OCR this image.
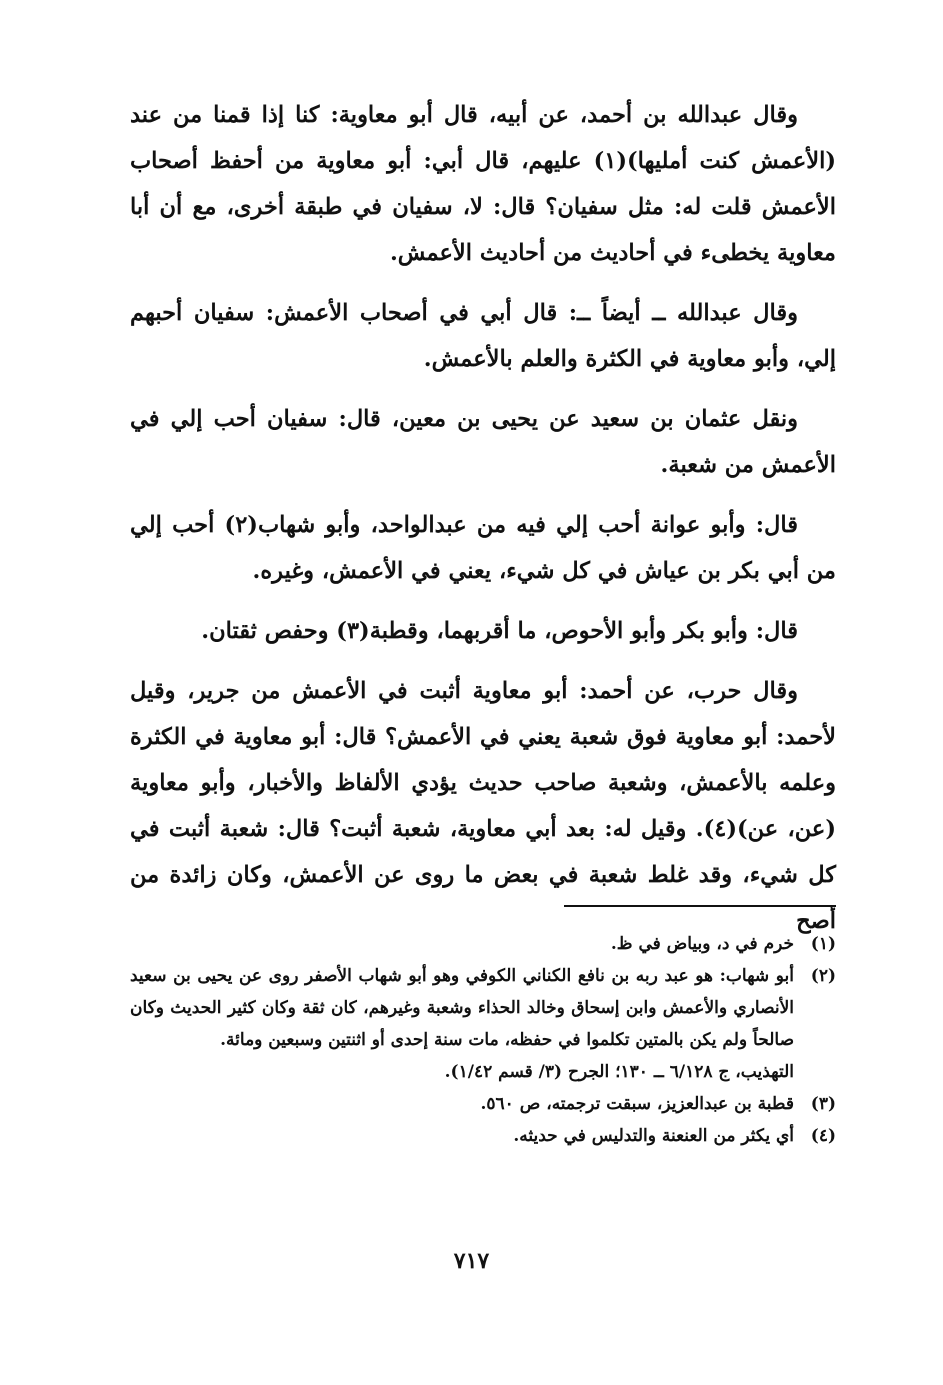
وقال عبدالله بن أحمد، عن أبيه، قال أبو معاوية: كنا إذا قمنا من عند (الأعمش كنت أمليها)(١) عليهم، قال أبي: أبو معاوية من أحفظ أصحاب الأعمش قلت له: مثل سفيان؟ قال: لا، سفيان في طبقة أخرى، مع أن أبا معاوية يخطىء في أحاديث من أحاديث الأعمش.

وقال عبدالله ــ أيضاً ــ: قال أبي في أصحاب الأعمش: سفيان أحبهم إلي، وأبو معاوية في الكثرة والعلم بالأعمش.

ونقل عثمان بن سعيد عن يحيى بن معين، قال: سفيان أحب إلي في الأعمش من شعبة.

قال: وأبو عوانة أحب إلي فيه من عبدالواحد، وأبو شهاب(٢) أحب إلي من أبي بكر بن عياش في كل شيء، يعني في الأعمش، وغيره.

قال: وأبو بكر وأبو الأحوص، ما أقربهما، وقطبة(٣) وحفص ثقتان.

وقال حرب، عن أحمد: أبو معاوية أثبت في الأعمش من جرير، وقيل لأحمد: أبو معاوية فوق شعبة يعني في الأعمش؟ قال: أبو معاوية في الكثرة وعلمه بالأعمش، وشعبة صاحب حديث يؤدي الألفاظ والأخبار، وأبو معاوية (عن، عن)(٤). وقيل له: بعد أبي معاوية، شعبة أثبت؟ قال: شعبة أثبت في كل شيء، وقد غلط شعبة في بعض ما روى عن الأعمش، وكان زائدة من أصح

(١)
خرم في د، وبياض في ظ.
(٢)
أبو شهاب: هو عبد ربه بن نافع الكناني الكوفي وهو أبو شهاب الأصفر روى عن يحيى بن سعيد الأنصاري والأعمش وابن إسحاق وخالد الحذاء وشعبة وغيرهم، كان ثقة وكان كثير الحديث وكان صالحاً ولم يكن بالمتين تكلموا في حفظه، مات سنة إحدى أو اثنتين وسبعين ومائة.
التهذيب، ج ٦/١٢٨ ــ ١٣٠؛ الجرح (٣/ قسم ١/٤٢).
(٣)
قطبة بن عبدالعزيز، سبقت ترجمته، ص ٥٦٠.
(٤)
أي يكثر من العنعنة والتدليس في حديثه.
٧١٧
